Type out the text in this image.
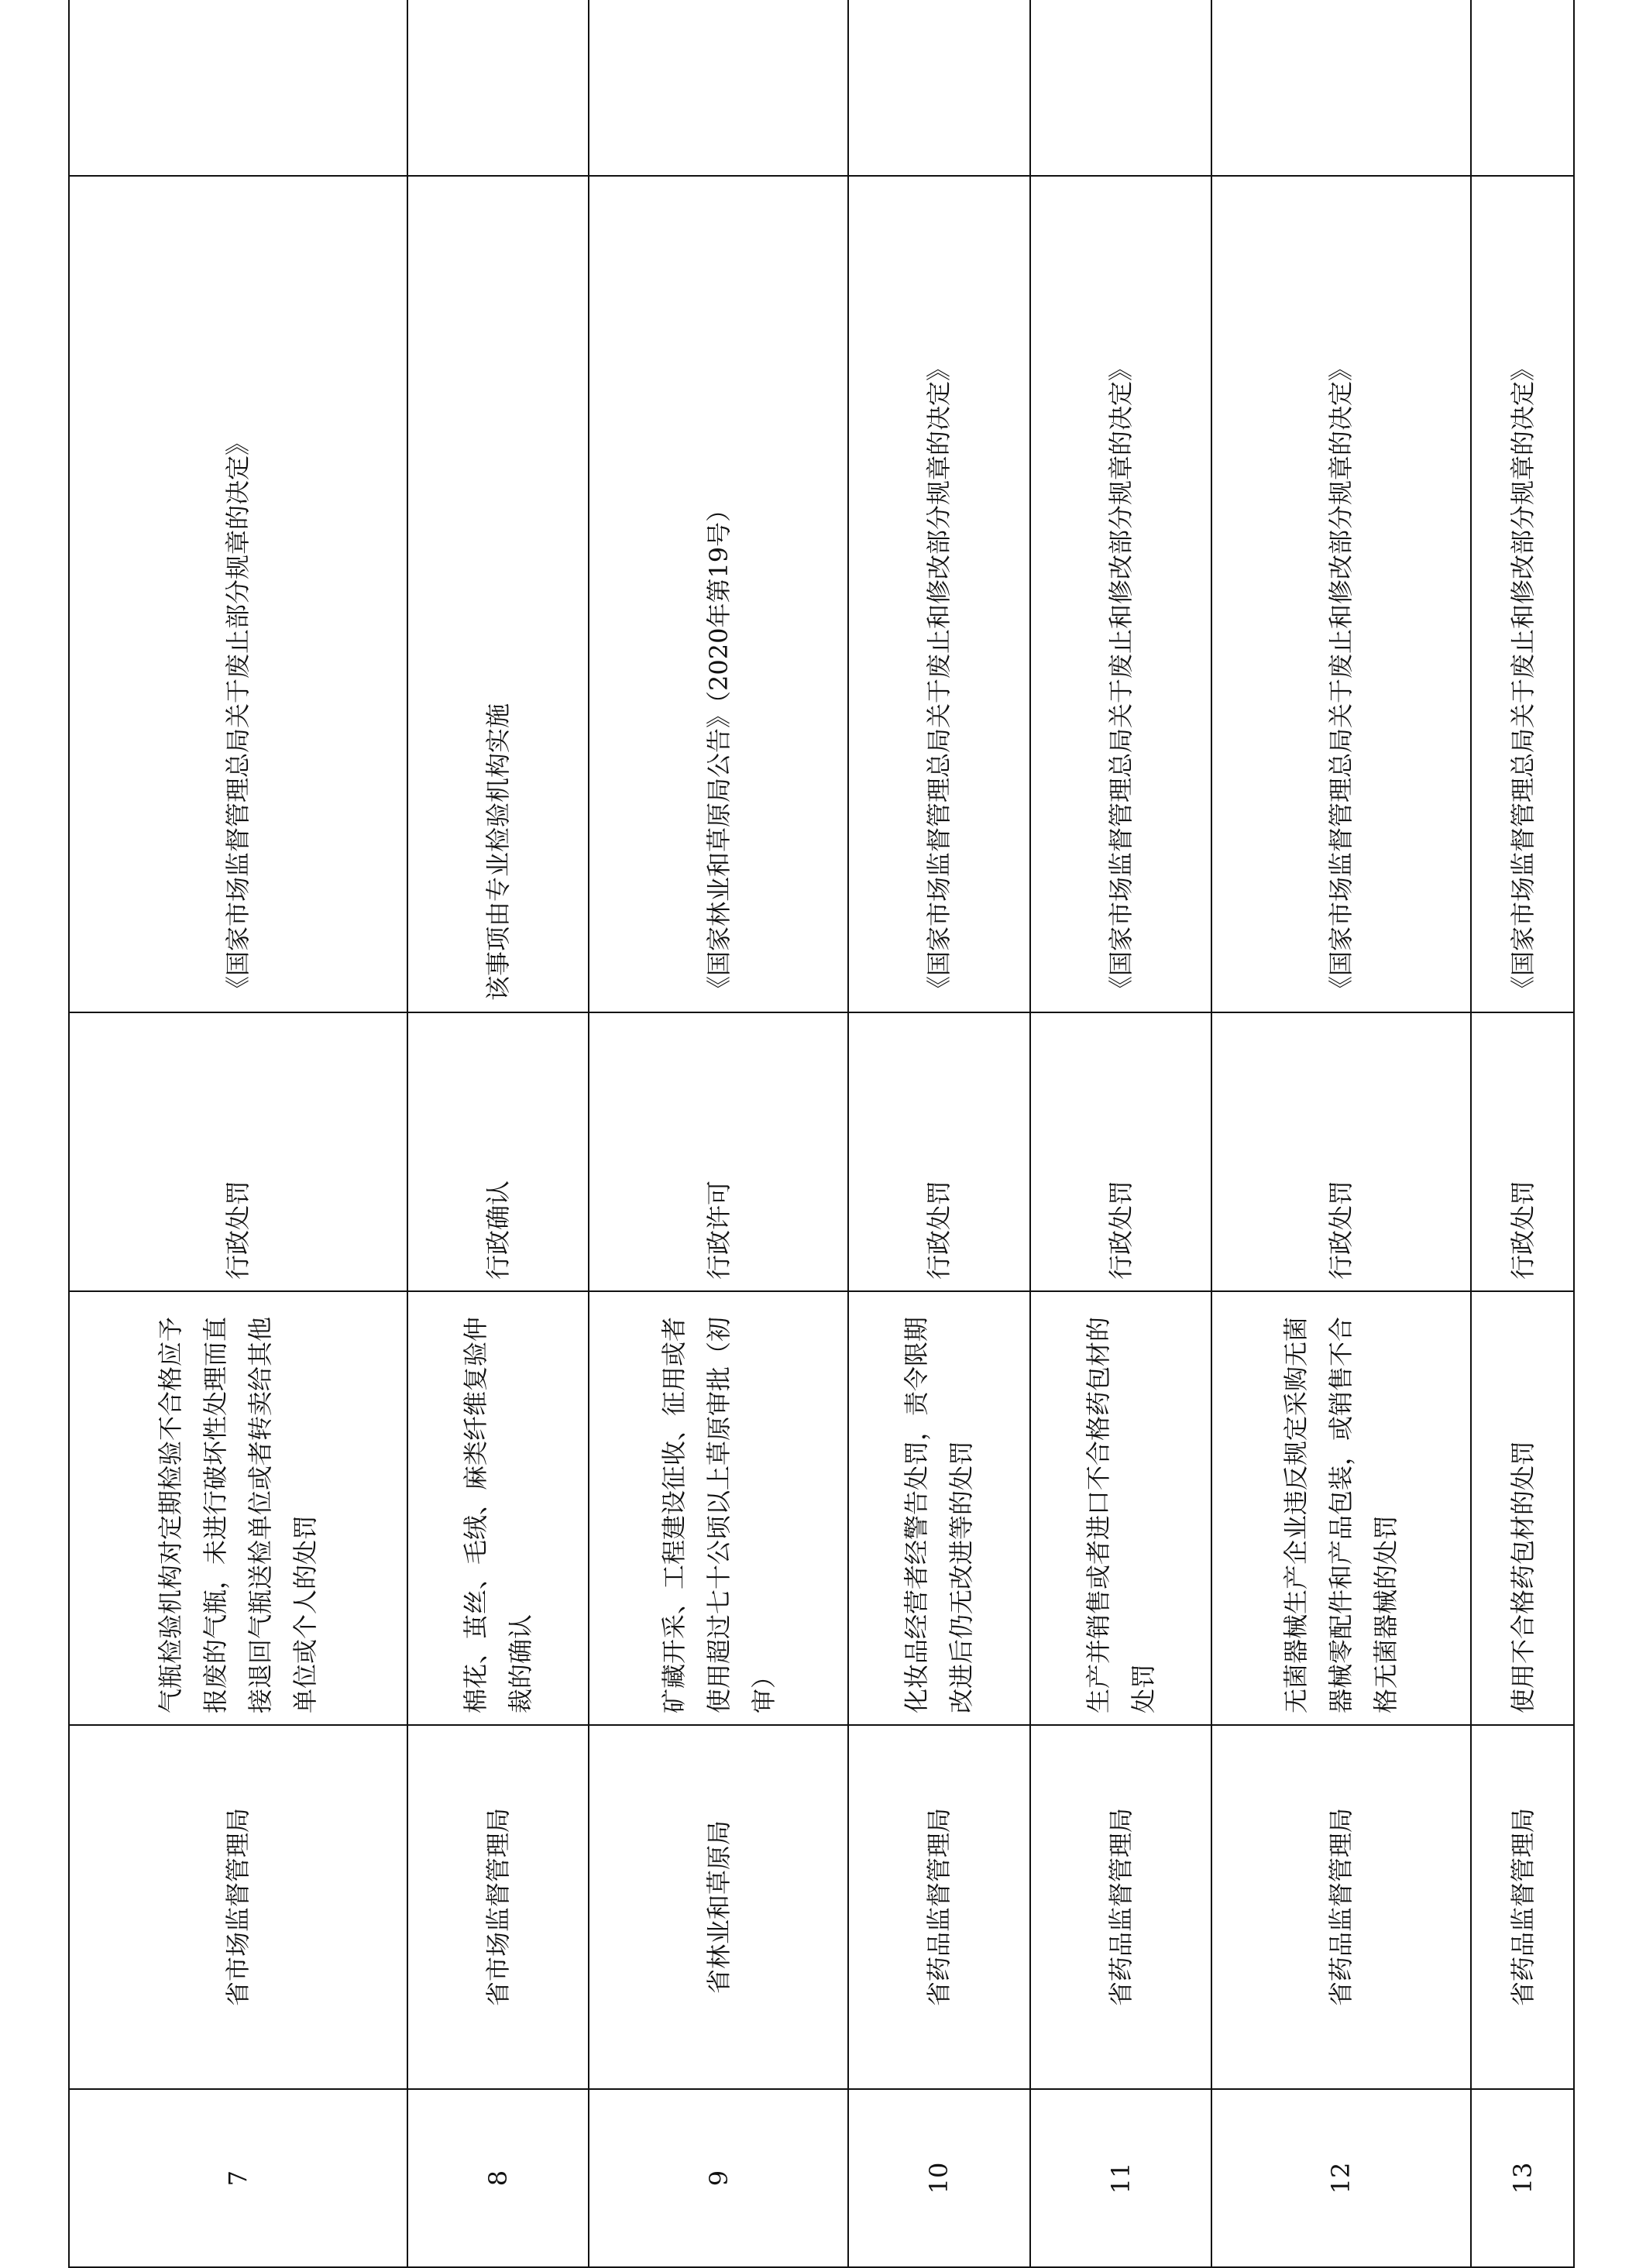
7	省市场监督管理局	气瓶检验机构对定期检验不合格应予报废的气瓶，未进行破坏性处理而直接退回气瓶送检单位或者转卖给其他单位或个人的处罚	行政处罚	《国家市场监督管理总局关于废止部分规章的决定》	
8	省市场监督管理局	棉花、茧丝、毛绒、麻类纤维复验仲裁的确认	行政确认	该事项由专业检验机构实施	
9	省林业和草原局	矿藏开采、工程建设征收、征用或者使用超过七十公顷以上草原审批（初审）	行政许可	《国家林业和草原局公告》（2020年第19号）	
10	省药品监督管理局	化妆品经营者经警告处罚，责令限期改进后仍无改进等的处罚	行政处罚	《国家市场监督管理总局关于废止和修改部分规章的决定》	
11	省药品监督管理局	生产并销售或者进口不合格药包材的处罚	行政处罚	《国家市场监督管理总局关于废止和修改部分规章的决定》	
12	省药品监督管理局	无菌器械生产企业违反规定采购无菌器械零配件和产品包装，或销售不合格无菌器械的处罚	行政处罚	《国家市场监督管理总局关于废止和修改部分规章的决定》	
13	省药品监督管理局	使用不合格药包材的处罚	行政处罚	《国家市场监督管理总局关于废止和修改部分规章的决定》	
